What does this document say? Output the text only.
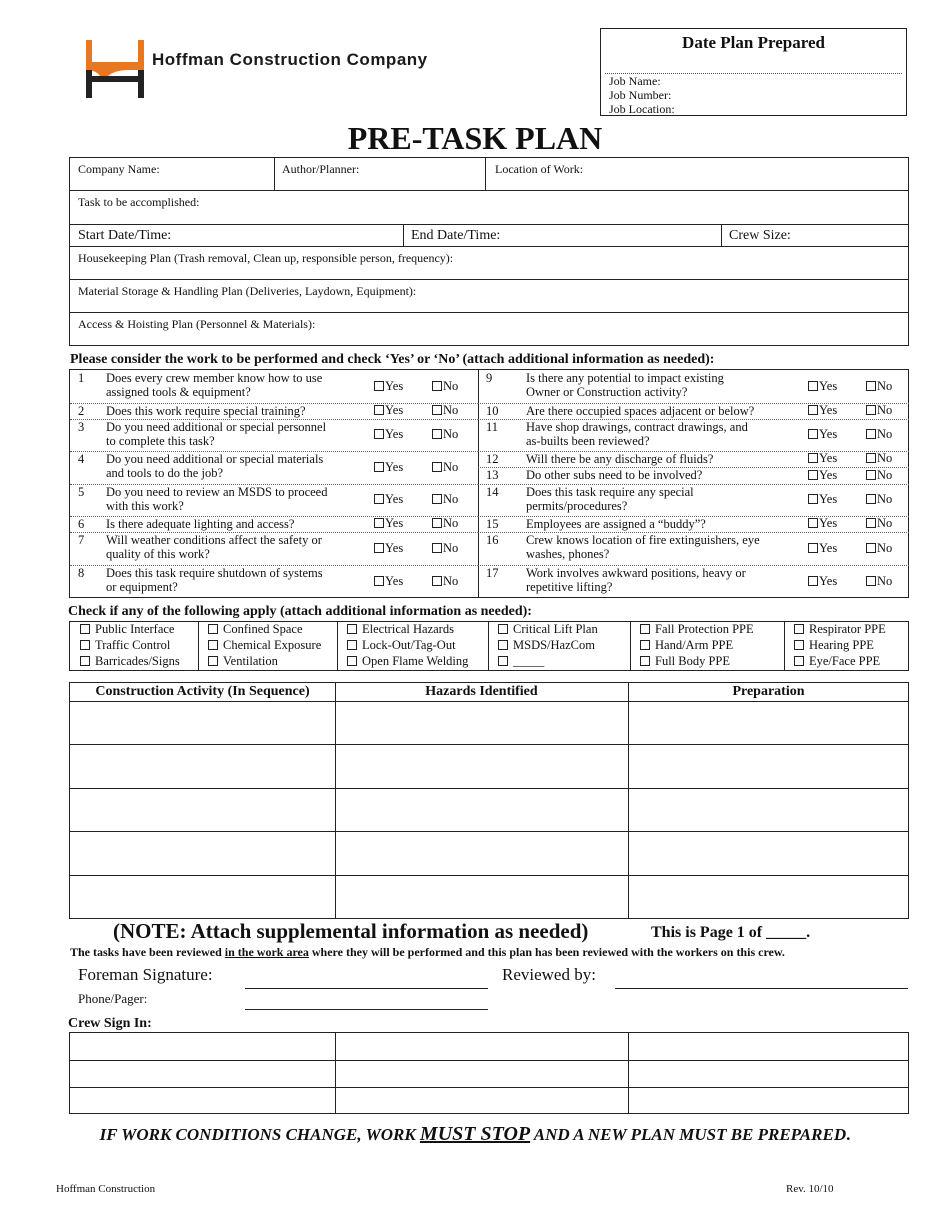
Hoffman Construction Company
Date Plan Prepared
Job Name:
Job Number:
Job Location:
PRE-TASK PLAN
Company Name:	Author/Planner:	Location of Work:
Task to be accomplished:
Start Date/Time:	End Date/Time:	Crew Size:
Housekeeping Plan (Trash removal, Clean up, responsible person, frequency):
Material Storage & Handling Plan (Deliveries, Laydown, Equipment):
Access & Hoisting Plan (Personnel & Materials):
Please consider the work to be performed and check ‘Yes’ or ‘No’ (attach additional information as needed):
1 Does every crew member know how to use
assigned tools & equipment?	Yes	No
2 Does this work require special training?	Yes	No
3 Do you need additional or special personnel
to complete this task?	Yes	No
4 Do you need additional or special materials
and tools to do the job?	Yes	No
5 Do you need to review an MSDS to proceed
with this work?	Yes	No
6 Is there adequate lighting and access?	Yes	No
7 Will weather conditions affect the safety or
quality of this work?	Yes	No
8 Does this task require shutdown of systems
or equipment?	Yes	No
9	Is there any potential to impact existing
Owner or Construction activity?	Yes	No
10 Are there occupied spaces adjacent or below?	Yes	No
11 Have shop drawings, contract drawings, and
as-builts been reviewed?	Yes	No
12 Will there be any discharge of fluids?	Yes	No
13 Do other subs need to be involved?	Yes	No
14 Does this task require any special
permits/procedures?	Yes	No
15 Employees are assigned a “buddy”?	Yes	No
16 Crew knows location of fire extinguishers, eye
washes, phones?	Yes	No
17 Work involves awkward positions, heavy or
repetitive lifting?	Yes	No
Check if any of the following apply (attach additional information as needed):
Public Interface	Confined Space	Electrical Hazards	Critical Lift Plan	Fall Protection PPE	Respirator PPE
Traffic Control	Chemical Exposure	Lock-Out/Tag-Out	MSDS/HazCom	Hand/Arm PPE	Hearing PPE
Barricades/Signs	Ventilation	Open Flame Welding	_____	Full Body PPE	Eye/Face PPE
Construction Activity (In Sequence)	Hazards Identified	Preparation
(NOTE: Attach supplemental information as needed)	This is Page 1 of _____.
The tasks have been reviewed in the work area where they will be performed and this plan has been reviewed with the workers on this crew.
Foreman Signature:	Reviewed by:
Phone/Pager:
Crew Sign In:
IF WORK CONDITIONS CHANGE, WORK MUST STOP AND A NEW PLAN MUST BE PREPARED.
Hoffman Construction	Rev. 10/10
